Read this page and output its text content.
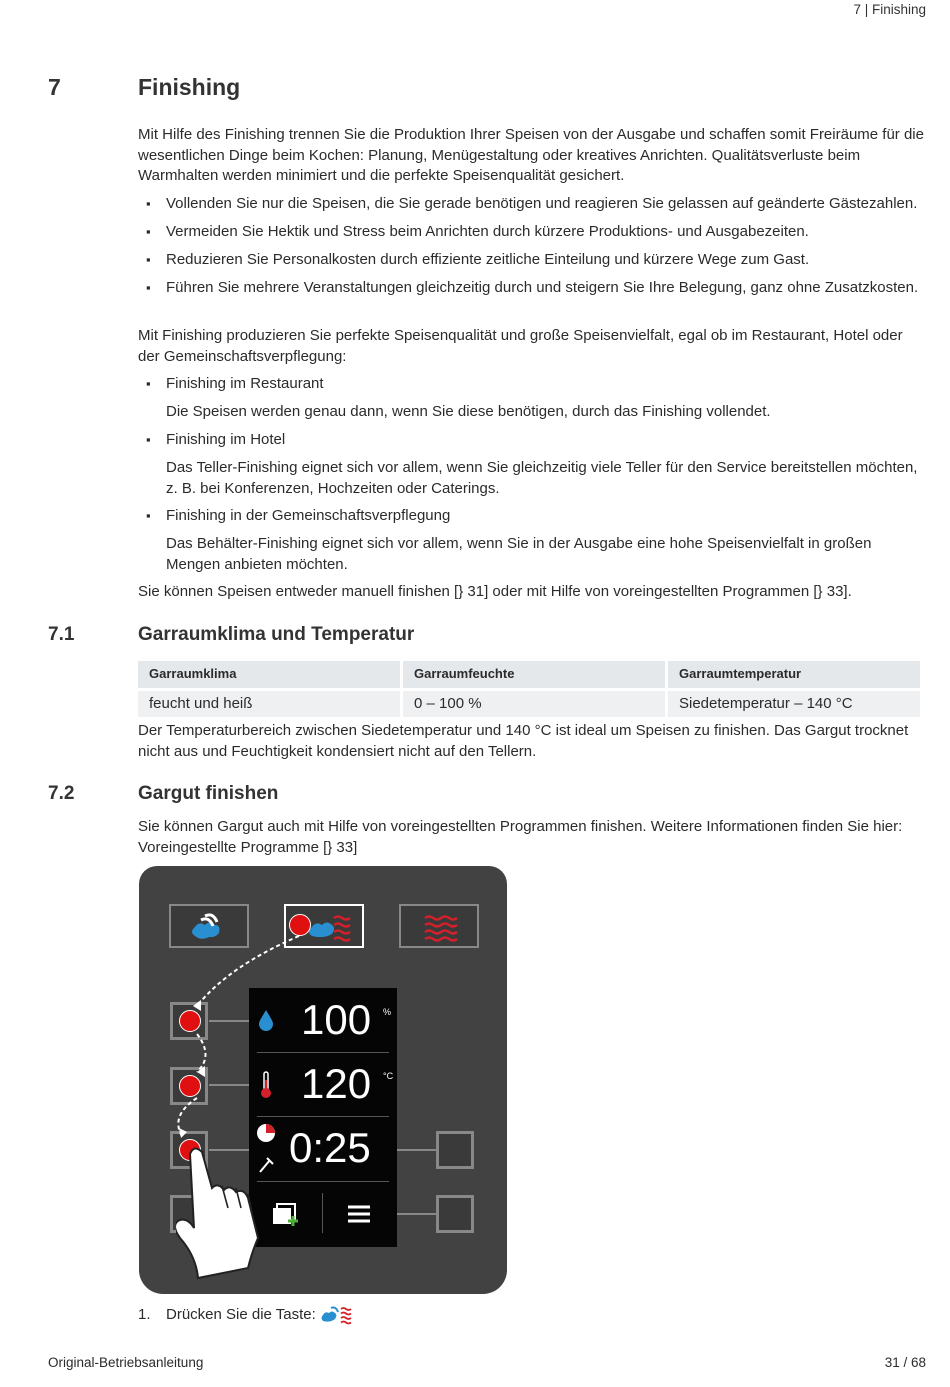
7 | Finishing
7	Finishing
Mit Hilfe des Finishing trennen Sie die Produktion Ihrer Speisen von der Ausgabe und schaffen somit Freiräume für die wesentlichen Dinge beim Kochen: Planung, Menügestaltung oder kreatives Anrichten. Qualitätsverluste beim Warmhalten werden minimiert und die perfekte Speisenqualität gesichert.
▪ Vollenden Sie nur die Speisen, die Sie gerade benötigen und reagieren Sie gelassen auf geänderte Gästezahlen.
▪ Vermeiden Sie Hektik und Stress beim Anrichten durch kürzere Produktions- und Ausgabezeiten.
▪ Reduzieren Sie Personalkosten durch effiziente zeitliche Einteilung und kürzere Wege zum Gast.
▪ Führen Sie mehrere Veranstaltungen gleichzeitig durch und steigern Sie Ihre Belegung, ganz ohne Zusatzkosten.
Mit Finishing produzieren Sie perfekte Speisenqualität und große Speisenvielfalt, egal ob im Restaurant, Hotel oder der Gemeinschaftsverpflegung:
▪ Finishing im Restaurant
Die Speisen werden genau dann, wenn Sie diese benötigen, durch das Finishing vollendet.
▪ Finishing im Hotel
Das Teller-Finishing eignet sich vor allem, wenn Sie gleichzeitig viele Teller für den Service bereitstellen möchten, z. B. bei Konferenzen, Hochzeiten oder Caterings.
▪ Finishing in der Gemeinschaftsverpflegung
Das Behälter-Finishing eignet sich vor allem, wenn Sie in der Ausgabe eine hohe Speisenvielfalt in großen Mengen anbieten möchten.
Sie können Speisen entweder manuell finishen [} 31] oder mit Hilfe von voreingestellten Programmen [} 33].
7.1	Garraumklima und Temperatur
Garraumklima	Garraumfeuchte	Garraumtemperatur
feucht und heiß	0 – 100 %	Siedetemperatur – 140 °C
Der Temperaturbereich zwischen Siedetemperatur und 140 °C ist ideal um Speisen zu finishen. Das Gargut trocknet nicht aus und Feuchtigkeit kondensiert nicht auf den Tellern.
7.2	Gargut finishen
Sie können Gargut auch mit Hilfe von voreingestellten Programmen finishen. Weitere Informationen finden Sie hier: Voreingestellte Programme [} 33]
100 %
120 °C
0:25
1. Drücken Sie die Taste:
Original-Betriebsanleitung	31 / 68
